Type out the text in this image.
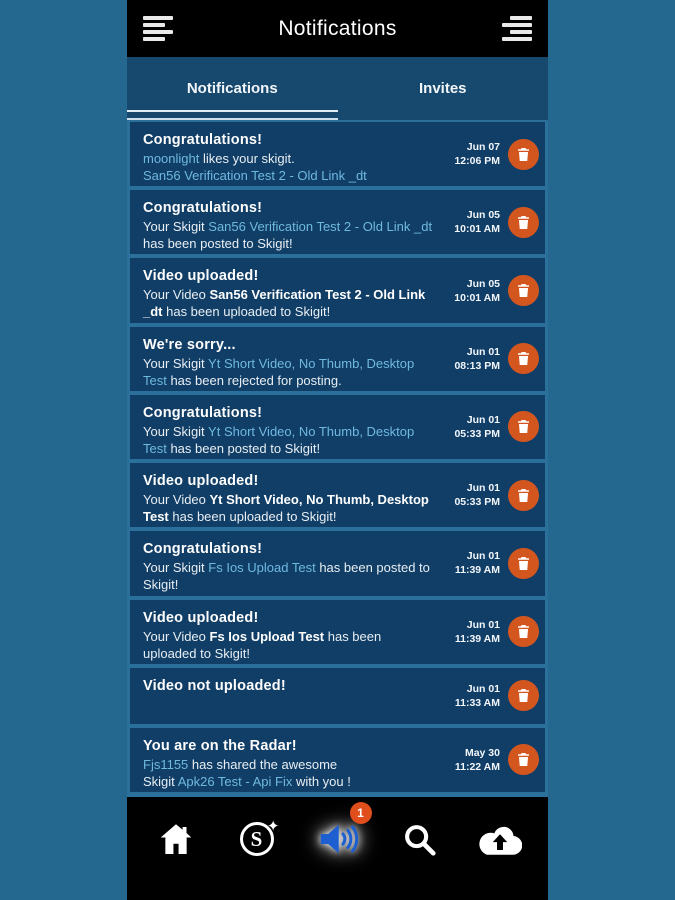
Notifications
Notifications	Invites
Congratulations!
moonlight likes your skigit.
San56 Verification Test 2 - Old Link _dt
Jun 07
12:06 PM
Congratulations!
Your Skigit San56 Verification Test 2 - Old Link _dt has been posted to Skigit!
Jun 05
10:01 AM
Video uploaded!
Your Video San56 Verification Test 2 - Old Link _dt has been uploaded to Skigit!
Jun 05
10:01 AM
We're sorry...
Your Skigit Yt Short Video, No Thumb, Desktop Test has been rejected for posting.
Jun 01
08:13 PM
Congratulations!
Your Skigit Yt Short Video, No Thumb, Desktop Test has been posted to Skigit!
Jun 01
05:33 PM
Video uploaded!
Your Video Yt Short Video, No Thumb, Desktop Test has been uploaded to Skigit!
Jun 01
05:33 PM
Congratulations!
Your Skigit Fs Ios Upload Test has been posted to Skigit!
Jun 01
11:39 AM
Video uploaded!
Your Video Fs Ios Upload Test has been uploaded to Skigit!
Jun 01
11:39 AM
Video not uploaded!	Jun 01
11:33 AM
You are on the Radar!
Fjs1155 has shared the awesome
Skigit Apk26 Test - Api Fix with you !
May 30
11:22 AM
S
✦
1
